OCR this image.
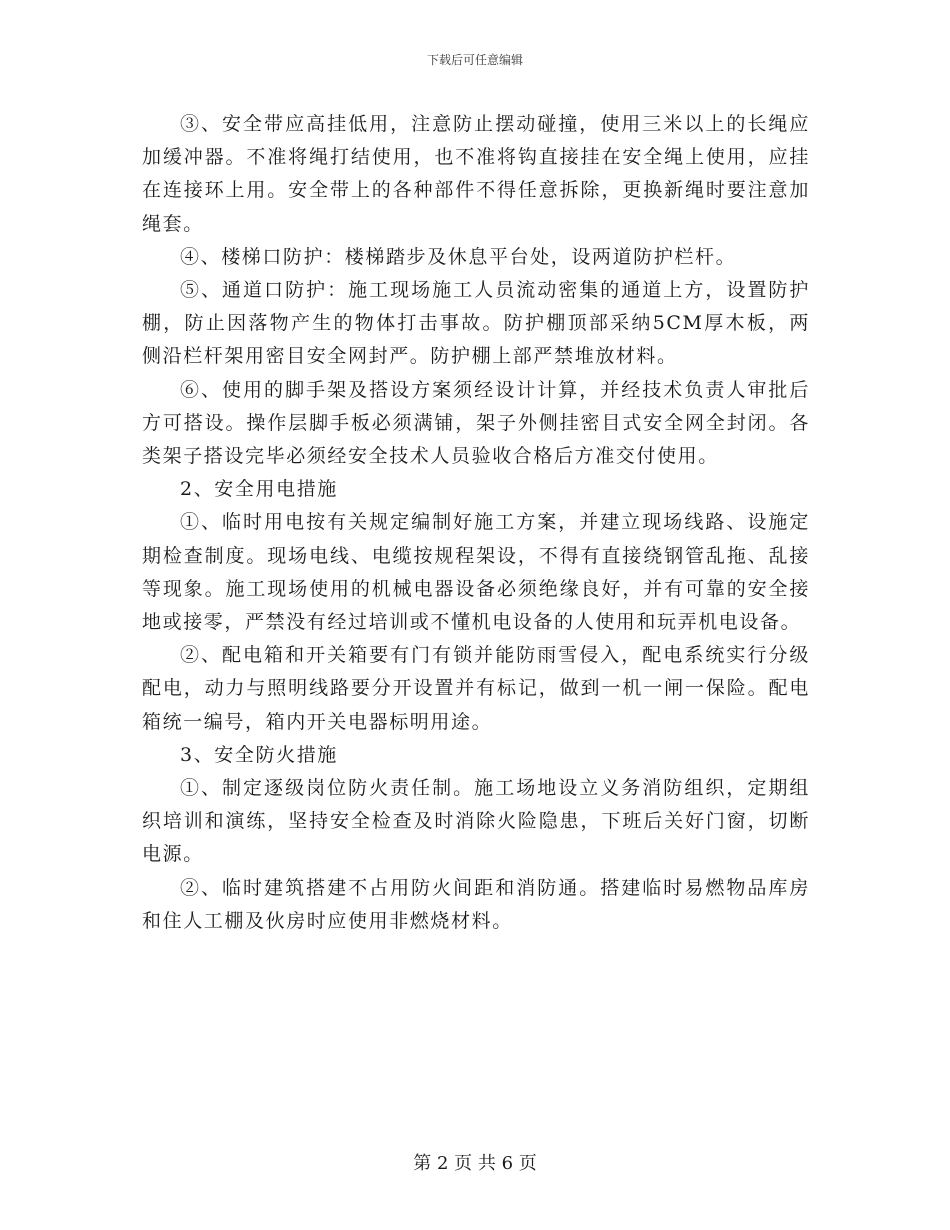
下载后可任意编辑

③、安全带应高挂低用，注意防止摆动碰撞，使用三米以上的长绳应加缓冲器。不准将绳打结使用，也不准将钩直接挂在安全绳上使用，应挂在连接环上用。安全带上的各种部件不得任意拆除，更换新绳时要注意加绳套。

④、楼梯口防护：楼梯踏步及休息平台处，设两道防护栏杆。

⑤、通道口防护：施工现场施工人员流动密集的通道上方，设置防护棚，防止因落物产生的物体打击事故。防护棚顶部采纳5CM厚木板，两侧沿栏杆架用密目安全网封严。防护棚上部严禁堆放材料。

⑥、使用的脚手架及搭设方案须经设计计算，并经技术负责人审批后方可搭设。操作层脚手板必须满铺，架子外侧挂密目式安全网全封闭。各类架子搭设完毕必须经安全技术人员验收合格后方准交付使用。

2、安全用电措施

①、临时用电按有关规定编制好施工方案，并建立现场线路、设施定期检查制度。现场电线、电缆按规程架设，不得有直接绕钢管乱拖、乱接等现象。施工现场使用的机械电器设备必须绝缘良好，并有可靠的安全接地或接零，严禁没有经过培训或不懂机电设备的人使用和玩弄机电设备。

②、配电箱和开关箱要有门有锁并能防雨雪侵入，配电系统实行分级配电，动力与照明线路要分开设置并有标记，做到一机一闸一保险。配电箱统一编号，箱内开关电器标明用途。

3、安全防火措施

①、制定逐级岗位防火责任制。施工场地设立义务消防组织，定期组织培训和演练，坚持安全检查及时消除火险隐患，下班后关好门窗，切断电源。

②、临时建筑搭建不占用防火间距和消防通。搭建临时易燃物品库房和住人工棚及伙房时应使用非燃烧材料。

第 2 页 共 6 页
